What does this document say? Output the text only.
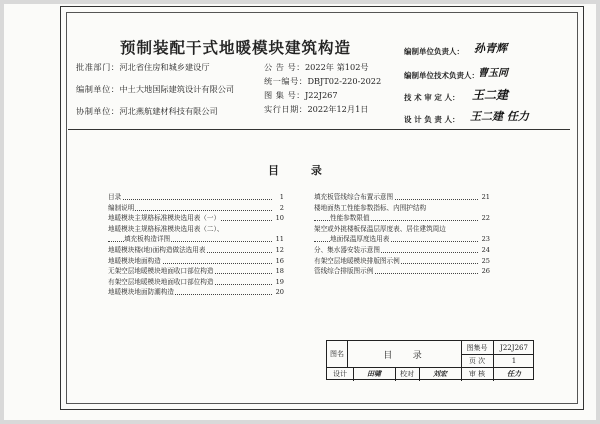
预制装配干式地暖模块建筑构造
批准部门：河北省住房和城乡建设厅
编制单位：中土大地国际建筑设计有限公司
协制单位：河北燕航建材科技有限公司
公 告 号：2022年 第102号
统一编号：DBJT02-220-2022
图 集 号：J22J267
实行日期：2022年12月1日
编制单位负责人： 孙青辉
编制单位技术负责人： 曹玉同
技 术 审 定 人： 王二建
设 计 负 责 人： 王二建 任力
目 录
目录	1
编制说明	2
地暖模块主规格标准模块选用表（一）	10
地暖模块主规格标准模块选用表（二）、
填充板构造详图	11
地暖模块楼(地)面构造做法选用表	12
地暖模块地面构造	16
无架空层地暖模块地面收口部位构造	18
有架空层地暖模块地面收口部位构造	19
地暖模块地面防潮构造	20
填充板管线综合布置示意图	21
楼地面热工性能参数指标、内围护结构
性能参数限值	22
架空或外挑楼板保温层厚度表、居住建筑周边
地面保温厚度选用表	23
分、集水器安装示意图	24
有架空层地暖模块排版图示例	25
管线综合排版图示例	26
图名	目   录
图集号	J22J267
页 次	1
设计	田啸	校对	刘宏	审 核	任力
